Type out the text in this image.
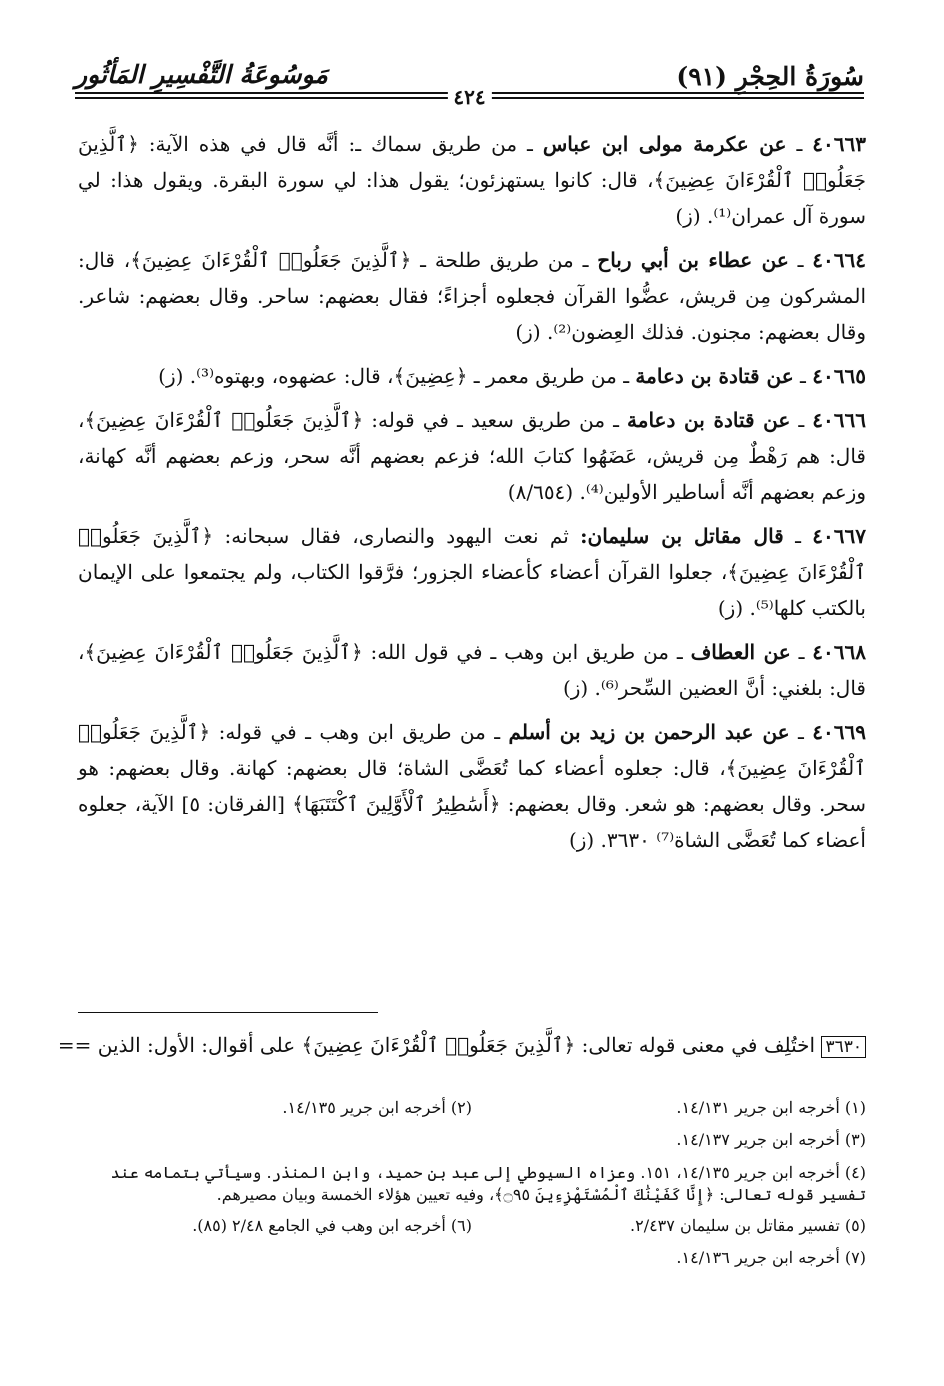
سُورَةُ الحِجْرِ (٩١)
مَوسُوعَةُ التَّفْسِيرِ المَأثُور
٤٢٤

٤٠٦٦٣ ـ عن عكرمة مولى ابن عباس ـ من طريق سماك ـ: أنَّه قال في هذه الآية: ﴿ٱلَّذِينَ جَعَلُوا۟ ٱلْقُرْءَانَ عِضِينَ﴾، قال: كانوا يستهزئون؛ يقول هذا: لي سورة البقرة. ويقول هذا: لي سورة آل عمران⁽¹⁾. (ز)

٤٠٦٦٤ ـ عن عطاء بن أبي رباح ـ من طريق طلحة ـ ﴿ٱلَّذِينَ جَعَلُوا۟ ٱلْقُرْءَانَ عِضِينَ﴾، قال: المشركون مِن قريش، عضُّوا القرآن فجعلوه أجزاءً؛ فقال بعضهم: ساحر. وقال بعضهم: شاعر. وقال بعضهم: مجنون. فذلك العِضون⁽²⁾. (ز)

٤٠٦٦٥ ـ عن قتادة بن دعامة ـ من طريق معمر ـ ﴿عِضِينَ﴾، قال: عضهوه، وبهتوه⁽³⁾. (ز)

٤٠٦٦٦ ـ عن قتادة بن دعامة ـ من طريق سعيد ـ في قوله: ﴿ٱلَّذِينَ جَعَلُوا۟ ٱلْقُرْءَانَ عِضِينَ﴾، قال: هم رَهْطٌ مِن قريش، عَضَهُوا كتابَ الله؛ فزعم بعضهم أنَّه سحر، وزعم بعضهم أنَّه كهانة، وزعم بعضهم أنَّه أساطير الأولين⁽⁴⁾. (٨/٦٥٤)

٤٠٦٦٧ ـ قال مقاتل بن سليمان: ثم نعت اليهود والنصارى، فقال سبحانه: ﴿ٱلَّذِينَ جَعَلُوا۟ ٱلْقُرْءَانَ عِضِينَ﴾، جعلوا القرآن أعضاء كأعضاء الجزور؛ فرَّقوا الكتاب، ولم يجتمعوا على الإيمان بالكتب كلها⁽⁵⁾. (ز)

٤٠٦٦٨ ـ عن العطاف ـ من طريق ابن وهب ـ في قول الله: ﴿ٱلَّذِينَ جَعَلُوا۟ ٱلْقُرْءَانَ عِضِينَ﴾، قال: بلغني: أنَّ العضين السِّحر⁽⁶⁾. (ز)

٤٠٦٦٩ ـ عن عبد الرحمن بن زيد بن أسلم ـ من طريق ابن وهب ـ في قوله: ﴿ٱلَّذِينَ جَعَلُوا۟ ٱلْقُرْءَانَ عِضِينَ﴾، قال: جعلوه أعضاء كما تُعَضَّى الشاة؛ قال بعضهم: كهانة. وقال بعضهم: هو سحر. وقال بعضهم: هو شعر. وقال بعضهم: ﴿أَسَٰطِيرُ ٱلْأَوَّلِينَ ٱكْتَتَبَهَا﴾ [الفرقان: ٥] الآية، جعلوه أعضاء كما تُعَضَّى الشاة⁽⁷⁾ ٣٦٣٠. (ز)

٣٦٣٠ اختُلِف في معنى قوله تعالى: ﴿ٱلَّذِينَ جَعَلُوا۟ ٱلْقُرْءَانَ عِضِينَ﴾ على أقوال: الأول: الذين ==
(١) أخرجه ابن جرير ١٤/١٣١.
(٢) أخرجه ابن جرير ١٤/١٣٥.
(٣) أخرجه ابن جرير ١٤/١٣٧.
(٤) أخرجه ابن جرير ١٤/١٣٥، ١٥١. وعزاه السيوطي إلى عبد بن حميد، وابن المنذر. وسيأتي بتمامه عند تفسير قوله تعالى: ﴿إِنَّا كَفَيْنَٰكَ ٱلْمُسْتَهْزِءِينَ ۝٩٥﴾، وفيه تعيين هؤلاء الخمسة وبيان مصيرهم.
(٥) تفسير مقاتل بن سليمان ٢/٤٣٧.
(٦) أخرجه ابن وهب في الجامع ٢/٤٨ (٨٥).
(٧) أخرجه ابن جرير ١٤/١٣٦.
